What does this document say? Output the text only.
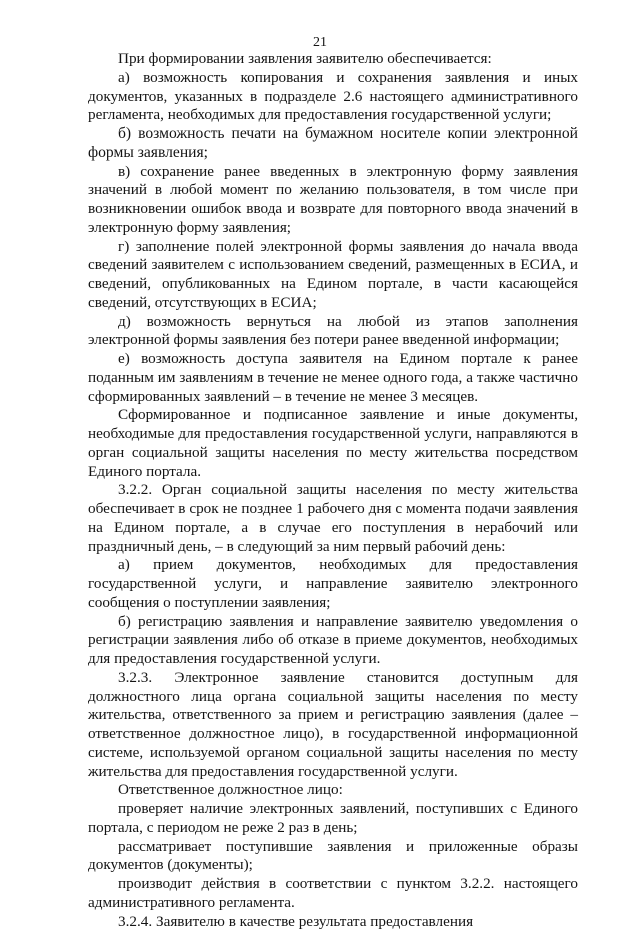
21

При формировании заявления заявителю обеспечивается:

а) возможность копирования и сохранения заявления и иных документов, указанных в подразделе 2.6 настоящего административного регламента, необходимых для предоставления государственной услуги;

б) возможность печати на бумажном носителе копии электронной формы заявления;

в) сохранение ранее введенных в электронную форму заявления значений в любой момент по желанию пользователя, в том числе при возникновении ошибок ввода и возврате для повторного ввода значений в электронную форму заявления;

г) заполнение полей электронной формы заявления до начала ввода сведений заявителем с использованием сведений, размещенных в ЕСИА, и сведений, опубликованных на Едином портале, в части касающейся сведений, отсутствующих в ЕСИА;

д) возможность вернуться на любой из этапов заполнения электронной формы заявления без потери ранее введенной информации;

е) возможность доступа заявителя на Едином портале к ранее поданным им заявлениям в течение не менее одного года, а также частично сформированных заявлений – в течение не менее 3 месяцев.

Сформированное и подписанное заявление и иные документы, необходимые для предоставления государственной услуги, направляются в орган социальной защиты населения по месту жительства посредством Единого портала.

3.2.2. Орган социальной защиты населения по месту жительства обеспечивает в срок не позднее 1 рабочего дня с момента подачи заявления на Едином портале, а в случае его поступления в нерабочий или праздничный день, – в следующий за ним первый рабочий день:

а) прием документов, необходимых для предоставления государственной услуги, и направление заявителю электронного сообщения о поступлении заявления;

б) регистрацию заявления и направление заявителю уведомления о регистрации заявления либо об отказе в приеме документов, необходимых для предоставления государственной услуги.

3.2.3. Электронное заявление становится доступным для должностного лица органа социальной защиты населения по месту жительства, ответственного за прием и регистрацию заявления (далее – ответственное должностное лицо), в государственной информационной системе, используемой органом социальной защиты населения по месту жительства для предоставления государственной услуги.

Ответственное должностное лицо:

проверяет наличие электронных заявлений, поступивших с Единого портала, с периодом не реже 2 раз в день;

рассматривает поступившие заявления и приложенные образы документов (документы);

производит действия в соответствии с пунктом 3.2.2. настоящего административного регламента.

3.2.4. Заявителю в качестве результата предоставления
